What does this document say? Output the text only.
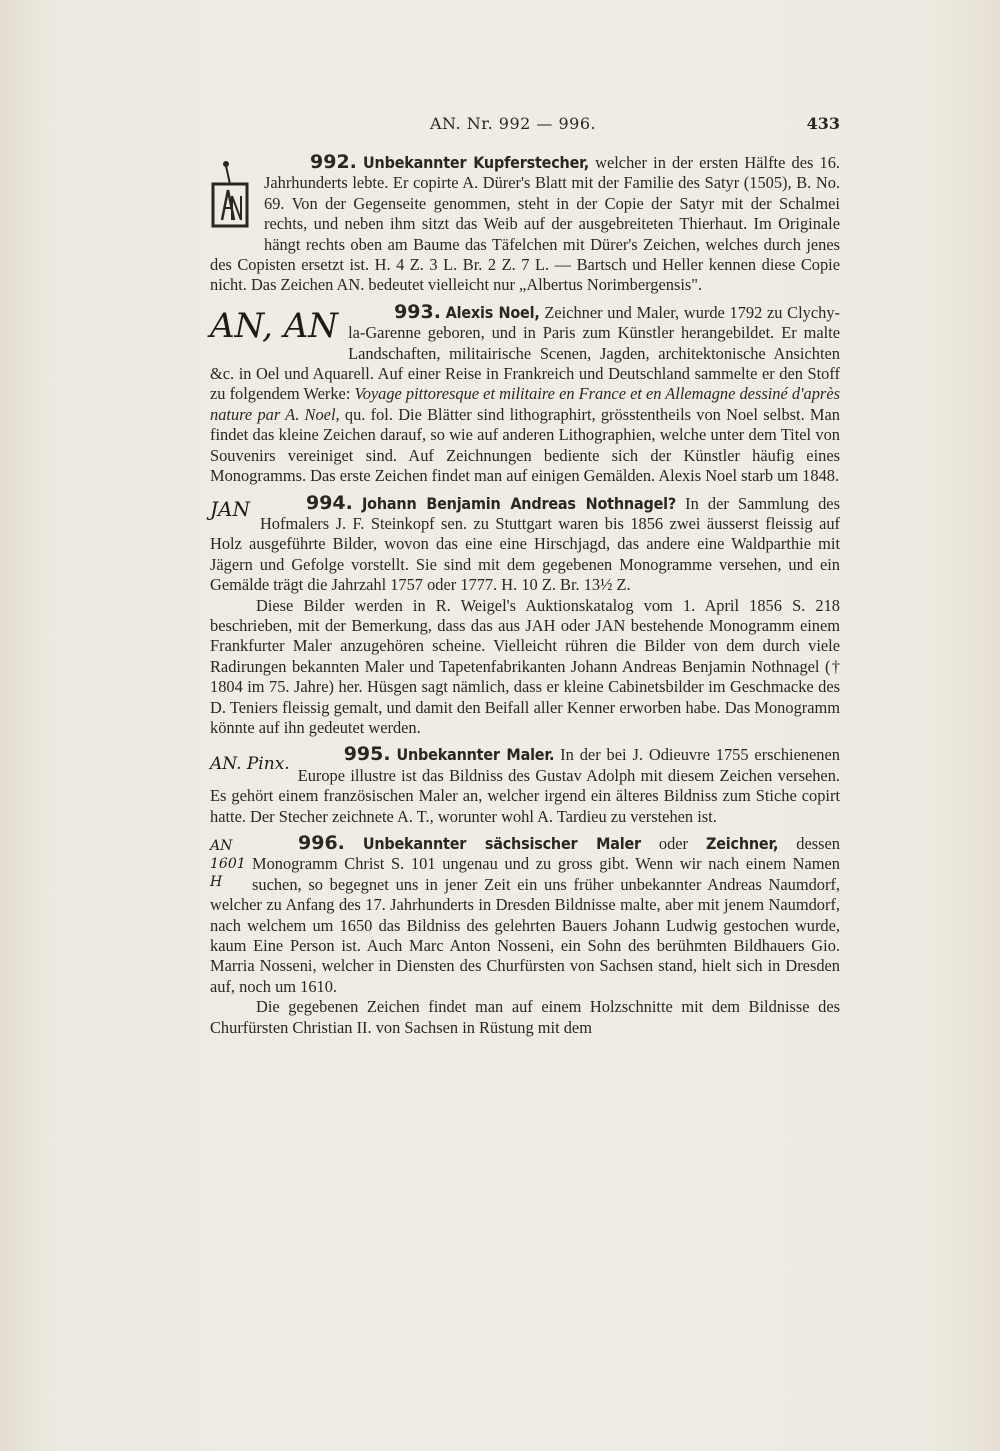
AN. Nr. 992 — 996.	433

992. Unbekannter Kupferstecher, welcher in der ersten Hälfte des 16. Jahrhunderts lebte. Er copirte A. Dürer's Blatt mit der Familie des Satyr (1505), B. No. 69. Von der Gegenseite genommen, steht in der Copie der Satyr mit der Schalmei rechts, und neben ihm sitzt das Weib auf der ausgebreiteten Thierhaut. Im Originale hängt rechts oben am Baume das Täfelchen mit Dürer's Zeichen, welches durch jenes des Copisten ersetzt ist. H. 4 Z. 3 L. Br. 2 Z. 7 L. — Bartsch und Heller kennen diese Copie nicht. Das Zeichen AN. bedeutet vielleicht nur „Albertus Norimbergensis".

993. Alexis Noel,
AN, AN	Zeichner und Maler, wurde 1792 zu Clychy-la-Garenne geboren, und in Paris zum Künstler herangebildet. Er malte Landschaften, militairische Scenen, Jagden, architektonische Ansichten &c. in Oel und Aquarell. Auf einer Reise in Frankreich und Deutschland sammelte er den Stoff zu folgendem Werke: Voyage pittoresque et militaire en France et en Allemagne dessiné d'après nature par A. Noel, qu. fol. Die Blätter sind lithographirt, grösstentheils von Noel selbst. Man findet das kleine Zeichen darauf, so wie auf anderen Lithographien, welche unter dem Titel von Souvenirs vereiniget sind. Auf Zeichnungen bediente sich der Künstler häufig eines Monogramms. Das erste Zeichen findet man auf einigen Gemälden. Alexis Noel starb um 1848.

994. Johann Benjamin Andreas Nothnagel?
JAN	In der Sammlung des Hofmalers J. F. Steinkopf sen. zu Stuttgart waren bis 1856 zwei äusserst fleissig auf Holz ausgeführte Bilder, wovon das eine eine Hirschjagd, das andere eine Waldparthie mit Jägern und Gefolge vorstellt. Sie sind mit dem gegebenen Monogramme versehen, und ein Gemälde trägt die Jahrzahl 1757 oder 1777. H. 10 Z. Br. 13½ Z.

Diese Bilder werden in R. Weigel's Auktionskatalog vom 1. April 1856 S. 218 beschrieben, mit der Bemerkung, dass das aus JAH oder JAN bestehende Monogramm einem Frankfurter Maler anzugehören scheine. Vielleicht rühren die Bilder von dem durch viele Radirungen bekannten Maler und Tapetenfabrikanten Johann Andreas Benjamin Nothnagel († 1804 im 75. Jahre) her. Hüsgen sagt nämlich, dass er kleine Cabinetsbilder im Geschmacke des D. Teniers fleissig gemalt, und damit den Beifall aller Kenner erworben habe. Das Monogramm könnte auf ihn gedeutet werden.

995. Unbekannter Maler.
AN. Pinx.	In der bei J. Odieuvre 1755 erschienenen Europe illustre ist das Bildniss des Gustav Adolph mit diesem Zeichen versehen. Es gehört einem französischen Maler an, welcher irgend ein älteres Bildniss zum Stiche copirt hatte. Der Stecher zeichnete A. T., worunter wohl A. Tardieu zu verstehen ist.

996. Unbekannter sächsischer Maler oder Zeichner,
AN 1601 H
dessen Monogramm Christ S. 101 ungenau und zu gross gibt. Wenn wir nach einem Namen suchen, so begegnet uns in jener Zeit ein uns früher unbekannter Andreas Naumdorf, welcher zu Anfang des 17. Jahrhunderts in Dresden Bildnisse malte, aber mit jenem Naumdorf, nach welchem um 1650 das Bildniss des gelehrten Bauers Johann Ludwig gestochen wurde, kaum Eine Person ist. Auch Marc Anton Nosseni, ein Sohn des berühmten Bildhauers Gio. Marria Nosseni, welcher in Diensten des Churfürsten von Sachsen stand, hielt sich in Dresden auf, noch um 1610.

Die gegebenen Zeichen findet man auf einem Holzschnitte mit dem Bildnisse des Churfürsten Christian II. von Sachsen in Rüstung mit dem
